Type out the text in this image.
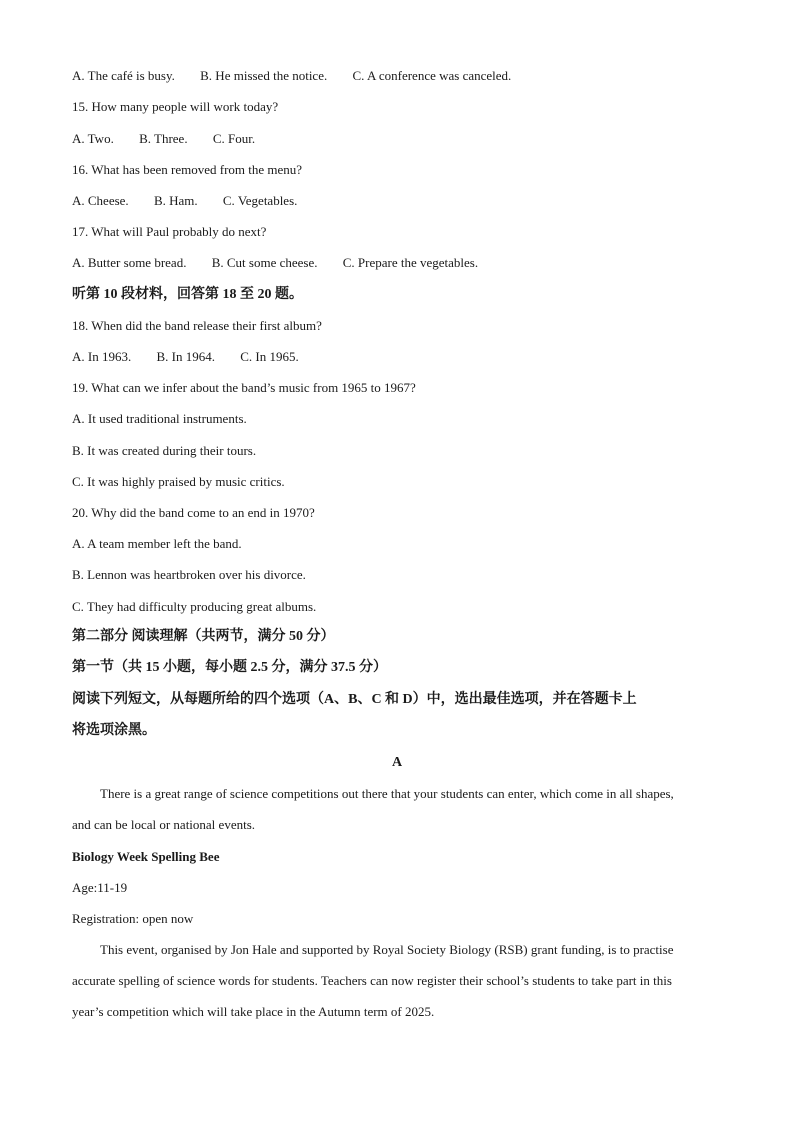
A. The café is busy. B. He missed the notice. C. A conference was canceled.
15. How many people will work today?
A. Two. B. Three. C. Four.
16. What has been removed from the menu?
A. Cheese. B. Ham. C. Vegetables.
17. What will Paul probably do next?
A. Butter some bread. B. Cut some cheese. C. Prepare the vegetables.
听第 10 段材料，回答第 18 至 20 题。
18. When did the band release their first album?
A. In 1963. B. In 1964. C. In 1965.
19. What can we infer about the band’s music from 1965 to 1967?
A. It used traditional instruments.
B. It was created during their tours.
C. It was highly praised by music critics.
20. Why did the band come to an end in 1970?
A. A team member left the band.
B. Lennon was heartbroken over his divorce.
C. They had difficulty producing great albums.
第二部分 阅读理解（共两节，满分 50 分）
第一节（共 15 小题，每小题 2.5 分，满分 37.5 分）
阅读下列短文，从每题所给的四个选项（A、B、C 和 D）中，选出最佳选项，并在答题卡上
将选项涂黑。
A
There is a great range of science competitions out there that your students can enter, which come in all shapes,
and can be local or national events.
Biology Week Spelling Bee
Age:11-19
Registration: open now
This event, organised by Jon Hale and supported by Royal Society Biology (RSB) grant funding, is to practise
accurate spelling of science words for students. Teachers can now register their school’s students to take part in this
year’s competition which will take place in the Autumn term of 2025.
